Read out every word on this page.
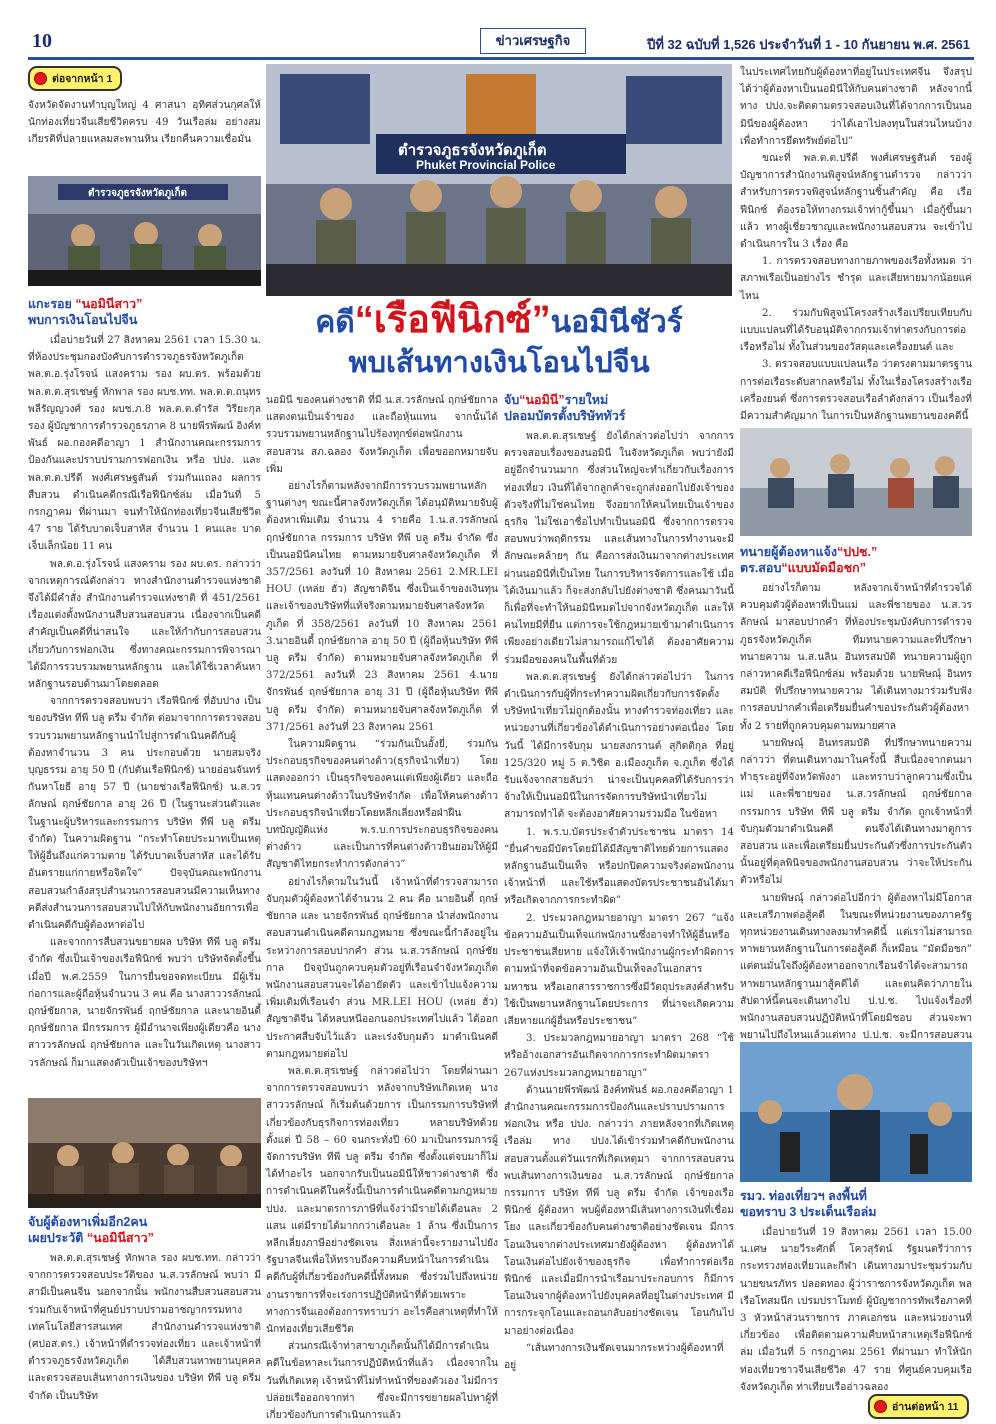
10	ข่าวเศรษฐกิจ	ปีที่ 32 ฉบับที่ 1,526 ประจำวันที่ 1 - 10 กันยายน พ.ศ. 2561
ต่อจากหน้า 1
จังหวัดจัดงานทำบุญใหญ่ 4 ศาสนา อุทิศส่วนกุศลให้ นักท่องเที่ยวจีนเสียชีวิตครบ 49 วันเรือล่ม อย่างสมเกียรติที่ปลายแหลมสะพานหิน เรียกคืนความเชื่อมั่น
ตำรวจภูธรจังหวัดภูเก็ต
แกะรอย “นอมินีสาว”
พบการเงินโอนไปจีน

เมื่อบ่ายวันที่ 27 สิงหาคม 2561 เวลา 15.30 น. ที่ห้องประชุมกองบังคับการตำรวจภูธรจังหวัดภูเก็ต พล.ต.อ.รุ่งโรจน์ แสงคราม รอง ผบ.ตร. พร้อมด้วย พล.ต.ต.สุรเชษฐ์ หักพาล รอง ผบช.ทท. พล.ต.ต.ถนุทร พลีรัญญวงศ์ รอง ผบช.ภ.8 พล.ต.ต.ดำรัส วิรียะกุล รอง ผู้บัญชาการตำรวจภูธรภาค 8 นายพีรพัฒน์ อิงค์ทพันธ์ ผอ.กองคดีอาญา 1 สำนักงานคณะกรรมการป้องกันและปราบปรามการฟอกเงิน หรือ ปปง. และ พล.ต.ต.ปรีดี พงศ์เศรษฐสันต์ ร่วมกันแถลง ผลการสืบสวน ดำเนินคดีกรณีเรือฟีนิกซ์ล่ม เมื่อวันที่ 5 กรกฎาคม ที่ผ่านมา จนทำให้นักท่องเที่ยวจีนเสียชีวิต 47 ราย ได้รับบาดเจ็บสาหัส จำนวน 1 คนและ บาดเจ็บเล็กน้อย 11 คน

พล.ต.อ.รุ่งโรจน์ แสงคราม รอง ผบ.ตร. กล่าวว่า จากเหตุการณ์ดังกล่าว ทางสำนักงานตำรวจแห่งชาติจึงได้มีคำสั่ง สำนักงานตำรวจแห่งชาติ ที่ 451/2561 เรื่องแต่งตั้งพนักงานสืบสวนสอบสวน เนื่องจากเป็นคดีสำคัญเป็นคดีที่น่าสนใจ และให้กำกับการสอบสวนเกี่ยวกับการฟอกเงิน ซึ่งทางคณะกรรมการพิจารณา ได้มีการรวบรวมพยานหลักฐาน และได้ใช้เวลาค้นหาหลักฐานรอบด้านมาโดยตลอด

จากการตรวจสอบพบว่า เรือฟีนิกซ์ ที่อับปาง เป็นของบริษัท ทีพี บลู ดรีม จำกัด ต่อมาจากการตรวจสอบรวบรวมพยานหลักฐานนำไปสู่การดำเนินคดีกับผู้ต้องหาจำนวน 3 คน ประกอบด้วย นายสมจริง บุญธรรม อายุ 50 ปี (กัปตันเรือฟีนิกซ์) นายอ่อนจันทร์ กันหาโยธี อายุ 57 ปี (นายช่างเรือฟีนิกซ์) น.ส.วรลักษณ์ ฤกษ์ชัยกาล อายุ 26 ปี (ในฐานะส่วนตัวและในฐานะผู้บริหารและกรรมการ บริษัท ทีพี บลู ดรีม จำกัด) ในความผิดฐาน “กระทำโดยประมาทเป็นเหตุให้ผู้อื่นถึงแก่ความตาย ได้รับบาดเจ็บสาหัส และได้รับอันตรายแก่กายหรือจิตใจ” ปัจจุบันคณะพนักงานสอบสวนกำลังสรุปสำนวนการสอบสวนมีความเห็นทางคดีส่งสำนวนการสอบสวนไปให้กับพนักงานอัยการเพื่อดำเนินคดีกับผู้ต้องหาต่อไป

และจากการสืบสวนขยายผล บริษัท ทีพี บลู ดรีม จำกัด ซึ่งเป็นเจ้าของเรือฟีนิกซ์ พบว่า บริษัทจัดตั้งขึ้นเมื่อปี พ.ศ.2559 ในการยื่นขอจดทะเบียน มีผู้เริ่มก่อการและผู้ถือหุ้นจำนวน 3 คน คือ นางสาววรลักษณ์ ฤกษ์ชัยกาล, นายจักรพันธ์ ฤกษ์ชัยกาล และนายอินดี้ ฤกษ์ชัยกาล มีกรรมการ ผู้มีอำนาจเพียงผู้เดียวคือ นางสาววรลักษณ์ ฤกษ์ชัยกาล และในวันเกิดเหตุ นางสาววรลักษณ์ ก็มาแสดงตัวเป็นเจ้าของบริษัทฯ

จับผู้ต้องหาเพิ่มอีก2คน
เผยประวัติ “นอมินีสาว”

พล.ต.ต.สุรเชษฐ์ หักพาล รอง ผบช.ทท. กล่าวว่า จากการตรวจสอบประวัติของ น.ส.วรลักษณ์ พบว่า มีสามีเป็นคนจีน นอกจากนั้น พนักงานสืบสวนสอบสวนร่วมกับเจ้าหน้าที่ศูนย์ปราบปรามอาชญากรรมทางเทคโนโลยีสารสนเทศ สำนักงานตำรวจแห่งชาติ (ศปอส.ตร.) เจ้าหน้าที่ตำรวจท่องเที่ยว และเจ้าหน้าที่ตำรวจภูธรจังหวัดภูเก็ต ได้สืบสวนหาพยานบุคคล และตรวจสอบเส้นทางการเงินของ บริษัท ทีพี บลู ดรีม จำกัด เป็นบริษัท

ตำรวจภูธรจังหวัดภูเก็ต
Phuket Provincial Police
คดี“เรือฟีนิกซ์”นอมินีชัวร์
พบเส้นทางเงินโอนไปจีน

นอมินี ของคนต่างชาติ ที่มี น.ส.วรลักษณ์ ฤกษ์ชัยกาล แสดงตนเป็นเจ้าของ และถือหุ้นแทน จากนั้นได้รวบรวมพยานหลักฐานไปร้องทุกข์ต่อพนักงานสอบสวน สภ.ฉลอง จังหวัดภูเก็ต เพื่อขออกหมายจับเพิ่ม

อย่างไรก็ตามหลังจากมีการรวบรวมพยานหลักฐานต่างๆ ขณะนี้ศาลจังหวัดภูเก็ต ได้อนุมัติหมายจับผู้ต้องหาเพิ่มเติม จำนวน 4 รายคือ 1.น.ส.วรลักษณ์ ฤกษ์ชัยกาล กรรมการ บริษัท ทีพี บลู ดรีม จำกัด ซึ่งเป็นนอมินีคนไทย ตามหมายจับศาลจังหวัดภูเก็ต ที่ 357/2561 ลงวันที่ 10 สิงหาคม 2561 2.MR.LEI HOU (เหล่ย ฮั่ว) สัญชาติจีน ซึ่งเป็นเจ้าของเงินทุนและเจ้าของบริษัทที่แท้จริงตามหมายจับศาลจังหวัดภูเก็ต ที่ 358/2561 ลงวันที่ 10 สิงหาคม 2561 3.นายอินดี้ ฤกษ์ชัยกาล อายุ 50 ปี (ผู้ถือหุ้นบริษัท ทีพี บลู ดรีม จำกัด) ตามหมายจับศาลจังหวัดภูเก็ต ที่ 372/2561 ลงวันที่ 23 สิงหาคม 2561 4.นายจักรพันธ์ ฤกษ์ชัยกาล อายุ 31 ปี (ผู้ถือหุ้นบริษัท ทีพี บลู ดรีม จำกัด) ตามหมายจับศาลจังหวัดภูเก็ต ที่ 371/2561 ลงวันที่ 23 สิงหาคม 2561

ในความผิดฐาน “ร่วมกันเป็นอั้งยี่, ร่วมกันประกอบธุรกิจของคนต่างด้าว(ธุรกิจนำเที่ยว) โดยแสดงออกว่า เป็นธุรกิจของคนแต่เพียงผู้เดียว และถือหุ้นแทนคนต่างด้าวในบริษัทจำกัด เพื่อให้คนต่างด้าว ประกอบธุรกิจนำเที่ยวโดยหลีกเลี่ยงหรือฝ่าฝืนบทบัญญัติแห่ง พ.ร.บ.การประกอบธุรกิจของคนต่างด้าว และเป็นการที่คนต่างด้าวยินยอมให้ผู้มีสัญชาติไทยกระทำการดังกล่าว”

อย่างไรก็ตามในวันนี้ เจ้าหน้าที่ตำรวจสามารถจับกุมตัวผู้ต้องหาได้จำนวน 2 คน คือ นายอินดี้ ฤกษ์ชัยกาล และ นายจักรพันธ์ ฤกษ์ชัยกาล นำส่งพนักงานสอบสวนดำเนินคดีตามกฎหมาย ซึ่งขณะนี้กำลังอยู่ในระหว่างการสอบปากคำ ส่วน น.ส.วรลักษณ์ ฤกษ์ชัยกาล ปัจจุบันถูกควบคุมตัวอยู่ที่เรือนจำจังหวัดภูเก็ต พนักงานสอบสวนจะได้อายัดตัว และเข้าไปแจ้งความเพิ่มเติมที่เรือนจำ ส่วน MR.LEI HOU (เหล่ย ฮั่ว) สัญชาติจีน ได้หลบหนีออกนอกประเทศไปแล้ว ได้ออกประกาศสืบจับไว้แล้ว และเร่งจับกุมตัว มาดำเนินคดีตามกฎหมายต่อไป

พล.ต.ต.สุรเชษฐ์ กล่าวต่อไปว่า โดยที่ผ่านมาจากการตรวจสอบพบว่า หลังจากบริษัทเกิดเหตุ นางสาววรลักษณ์ ก็เริ่มต้นด้วยการ เป็นกรรมการบริษัทที่เกี่ยวข้องกับธุรกิจการท่องเที่ยว หลายบริษัทด้วย ตั้งแต่ ปี 58 – 60 จนกระทั่งปี 60 มาเป็นกรรมการผู้จัดการบริษัท ทีพี บลู ดรีม จำกัด ซึ่งตั้งแต่จบมาก็ไม่ได้ทำอะไร นอกจากรับเป็นนอมินีให้ชาวต่างชาติ ซึ่งการดำเนินคดีในครั้งนี้เป็นการดำเนินคดีตามกฎหมาย ปปง. และมาตรการภาษีที่แจ้งว่ามีรายได้เดือนละ 2 แสน แต่มีรายได้มากกว่าเดือนละ 1 ล้าน ซึ่งเป็นการหลีกเลี่ยงภาษีอย่างชัดเจน สิ่งเหล่านี้จะรายงานไปยังรัฐบาลจีนเพื่อให้ทราบถึงความคืบหน้าในการดำเนินคดีกับผู้ที่เกี่ยวข้องกับคดีนี้ทั้งหมด ซึ่งร่วมไปถึงหน่วยงานราชการที่จะเร่งการปฏิบัติหน้าที่ด้วยเพราะทางการจีนเองต้องการทราบว่า อะไรคือสาเหตุที่ทำให้นักท่องเที่ยวเสียชีวิต

ส่วนกรณีเจ้าท่าสาขาภูเก็ตนั้นก็ได้มีการดำเนินคดีในข้อหาละเว้นการปฏิบัติหน้าที่แล้ว เนื่องจากในวันที่เกิดเหตุ เจ้าหน้าที่ไม่ทำหน้าที่ของตัวเอง ไม่มีการปล่อยเรือออกจากท่า ซึ่งจะมีการขยายผลไปหาผู้ที่เกี่ยวข้องกับการดำเนินการแล้ว

จับ“นอมินี”รายใหม่
ปลอมบัตรตั้งบริษัททัวร์

พล.ต.ต.สุรเชษฐ์ ยังได้กล่าวต่อไปว่า จากการตรวจสอบเรื่องของนอมินี ในจังหวัดภูเก็ต พบว่ายังมีอยู่อีกจำนวนมาก ซึ่งส่วนใหญ่จะทำเกี่ยวกับเรื่องการท่องเที่ยว เงินที่ได้จากลูกค้าจะถูกส่งออกไปยังเจ้าของตัวจริงที่ไม่ใช่คนไทย จึงอยากให้คนไทยเป็นเจ้าของธุรกิจ ไม่ใช่เอาชื่อไปทำเป็นนอมินี ซึ่งจากการตรวจสอบพบว่าพฤติกรรม และเส้นทางในการทำงานจะมีลักษณะคล้ายๆ กัน คือการส่งเงินมาจากต่างประเทศ ผ่านนอมินีที่เป็นไทย ในการบริหารจัดการและใช้ เมื่อได้เงินมาแล้ว ก็จะส่งกลับไปยังต่างชาติ ซึ่งคนมาวันนี้ก็เพื่อที่จะทำให้นอมินีหมดไปจากจังหวัดภูเก็ต และให้คนไทยมีที่ยืน แต่การจะใช้กฎหมายเข้ามาดำเนินการเพียงอย่างเดียวไม่สามารถแก้ไขได้ ต้องอาศัยความร่วมมือของคนในพื้นที่ด้วย

พล.ต.ต.สุรเชษฐ์ ยังได้กล่าวต่อไปว่า ในการดำเนินการกับผู้ที่กระทำความผิดเกี่ยวกับการจัดตั้งบริษัทนำเที่ยวไม่ถูกต้องนั้น ทางตำรวจท่องเที่ยว และหน่วยงานที่เกี่ยวข้องได้ดำเนินการอย่างต่อเนื่อง โดยวันนี้ ได้มีการจับกุม นายสงกรานต์ สุกิตติกุล ที่อยู่ 125/320 หมู่ 5 ต.วิชิต อ.เมืองภูเก็ต จ.ภูเก็ต ซึ่งได้รับแจ้งจากสายลับว่า น่าจะเป็นบุคคลที่ได้รับการว่าจ้างให้เป็นนอมินีในการจัดการบริษัทนำเที่ยวไม่สามารถทำได้ จะต้องอาศัยความร่วมมือ ในข้อหา

1. พ.ร.บ.บัตรประจำตัวประชาชน มาตรา 14 “ยื่นคำขอมีบัตรโดยมิได้มีสัญชาติไทยด้วยการแสดงหลักฐานอันเป็นเท็จ หรือปกปิดความจริงต่อพนักงานเจ้าหน้าที่ และใช้หรือแสดงบัตรประชาชนอันได้มาหรือเกิดจากการกระทำผิด”

2. ประมวลกฎหมายอาญา มาตรา 267 “แจ้งข้อความอันเป็นเท็จแก่พนักงานซึ่งอาจทำให้ผู้อื่นหรือประชาชนเสียหาย แจ้งให้เจ้าพนักงานผู้กระทำผิดการตามหน้าที่จดข้อความอันเป็นเท็จลงในเอกสารมหาชน หรือเอกสารราชการซึ่งมีวัตถุประสงค์สำหรับใช้เป็นพยานหลักฐานโดยประการ ที่น่าจะเกิดความเสียหายแก่ผู้อื่นหรือประชาชน”

3. ประมวลกฎหมายอาญา มาตรา 268 “ใช้หรืออ้างเอกสารอันเกิดจากการกระทำผิดมาตรา 267แห่งประมวลกฎหมายอาญา”

ด้านนายพีรพัฒน์ อิงค์ทพันธ์ ผอ.กองคดีอาญา 1 สำนักงานคณะกรรมการป้องกันและปราบปรามการฟอกเงิน หรือ ปปง. กล่าวว่า ภายหลังจากที่เกิดเหตุเรือล่ม ทาง ปปง.ได้เข้าร่วมทำคดีกับพนักงานสอบสวนตั้งแต่วันแรกที่เกิดเหตุมา จากการสอบสวนพบเส้นทางการเงินของ น.ส.วรลักษณ์ ฤกษ์ชัยกาล กรรมการ บริษัท ทีพี บลู ดรีม จำกัด เจ้าของเรือฟีนิกซ์ ผู้ต้องหา พบผู้ต้องหามีเส้นทางการเงินที่เชื่อมโยง และเกี่ยวข้องกับคนต่างชาติอย่างชัดเจน มีการโอนเงินจากต่างประเทศมายังผู้ต้องหา ผู้ต้องหาได้โอนเงินต่อไปยังเจ้าของธุรกิจ เพื่อทำการต่อเรือฟีนิกซ์ และเมื่อมีการนำเรือมาประกอบการ ก็มีการโอนเงินจากผู้ต้องหาไปยังบุคคลที่อยู่ในต่างประเทศ มีการกระจุกโอนและถอนกลับอย่างชัดเจน โอนกันไปมาอย่างต่อเนื่อง

“เส้นทางการเงินชัดเจนมากระหว่างผู้ต้องหาที่อยู่

ในประเทศไทยกับผู้ต้องหาที่อยู่ในประเทศจีน จึงสรุปได้ว่าผู้ต้องหาเป็นนอมินีให้กับคนต่างชาติ หลังจากนี้ ทาง ปปง.จะติดตามตรวจสอบเงินที่ได้จากการเป็นนอมินีของผู้ต้องหา ว่าได้เอาไปลงทุนในส่วนไหนบ้าง เพื่อทำการยึดทรัพย์ต่อไป”

ขณะที่ พล.ต.ต.ปรีดี พงศ์เศรษฐสันต์ รองผู้บัญชาการสำนักงานพิสูจน์หลักฐานตำรวจ กล่าวว่า สำหรับการตรวจพิสูจน์หลักฐานชิ้นสำคัญ คือ เรือฟีนิกซ์ ต้องรอให้ทางกรมเจ้าท่ากู้ขึ้นมา เมื่อกู้ขึ้นมาแล้ว ทางผู้เชี่ยวชาญและพนักงานสอบสวน จะเข้าไปดำเนินการใน 3 เรื่อง คือ

1. การตรวจสอบทางกายภาพของเรือทั้งหมด ว่าสภาพเรือเป็นอย่างไร ชำรุด และเสียหายมากน้อยแค่ไหน

2. ร่วมกับพิสูจน์โครงสร้างเรือเปรียบเทียบกับแบบแปลนที่ได้รับอนุมัติจากกรมเจ้าท่าตรงกับการต่อเรือหรือไม่ ทั้งในส่วนของวัสดุและเครื่องยนต์ และ

3. ตรวจสอบแบบแปลนเรือ ว่าตรงตามมาตรฐานการต่อเรือระดับสากลหรือไม่ ทั้งในเรื่องโครงสร้างเรือ เครื่องยนต์ ซึ่งการตรวจสอบเรือลำดังกล่าว เป็นเรื่องที่มีความสำคัญมาก ในการเป็นหลักฐานพยานของคดีนี้

ทนายผู้ต้องหาแจ้ง“ปปช.”
ตร.สอบ“แบบมัดมือชก”

อย่างไรก็ตาม หลังจากเจ้าหน้าที่ตำรวจได้ควบคุมตัวผู้ต้องหาที่เป็นแม่ และพี่ชายของ น.ส.วรลักษณ์ มาสอบปากคำ ที่ห้องประชุมบังคับการตำรวจภูธรจังหวัดภูเก็ต ทีมทนายความและที่ปรึกษาทนายความ น.ส.นลิน อินทรสมบัติ ทนายความผู้ถูกกล่าวหาคดีเรือฟีนิกซ์ล่ม พร้อมด้วย นายพิษณุ์ อินทรสมบัติ ที่ปรึกษาทนายความ ได้เดินทางมาร่วมรับฟังการสอบปากคำเพื่อเตรียมยื่นคำขอประกันตัวผู้ต้องหาทั้ง 2 รายที่ถูกควบคุมตามหมายศาล

นายพิษณุ์ อินทรสมบัติ ที่ปรึกษาทนายความ กล่าวว่า ที่ตนเดินทางมาในครั้งนี้ สืบเนื่องจากตนมาทำธุระอยู่ที่จังหวัดพังงา และทราบว่าลูกความซึ่งเป็นแม่ และพี่ชายของ น.ส.วรลักษณ์ ฤกษ์ชัยกาล กรรมการ บริษัท ทีพี บลู ดรีม จำกัด ถูกเจ้าหน้าที่จับกุมตัวมาดำเนินคดี ตนจึงได้เดินทางมาดูการสอบสวน และเพื่อเตรียมยื่นประกันตัวซึ่งการประกันตัวนั้นอยู่ที่ดุลพินิจของพนักงานสอบสวน ว่าจะให้ประกันตัวหรือไม่

นายพิษณุ์ กล่าวต่อไปอีกว่า ผู้ต้องหาไม่มีโอกาสและเสรีภาพต่อสู้คดี ในขณะที่หน่วยงานของภาครัฐทุกหน่วยงานเดินทางลงมาทำคดีนี้ แต่เราไม่สามารถหาพยานหลักฐานในการต่อสู้คดี ก็เหมือน “มัดมือชก” แต่ตนมั่นใจถึงผู้ต้องหาออกจากเรือนจำได้จะสามารถหาพยานหลักฐานมาสู้คดีได้ และตนคิดว่าภายในสัปดาห์นี้ตนจะเดินทางไป ป.ป.ช. ไปแจ้งเรื่องที่พนักงานสอบสวนปฏิบัติหน้าที่โดยมิชอบ ส่วนจะพาพยานไปถึงไหนแล้วแต่ทาง ป.ป.ช. จะมีการสอบสวน

รมว. ท่องเที่ยวฯ ลงพื้นที่
ขอทราบ 3 ประเด็นเรือล่ม

เมื่อบ่ายวันที่ 19 สิงหาคม 2561 เวลา 15.00 น.เศษ นายวีระศักดิ์ โควสุรัตน์ รัฐมนตรีว่าการกระทรวงท่องเที่ยวและกีฬา เดินทางมาประชุมร่วมกับ นายขนรภัทร ปลอดทอง ผู้ว่าราชการจังหวัดภูเก็ต พลเรือโทสมนึก เปรมปราโมทย์ ผู้บัญชาการทัพเรือภาคที่ 3 หัวหน้าส่วนราชการ ภาคเอกชน และหน่วยงานที่เกี่ยวข้อง เพื่อติดตามความคืบหน้าสาเหตุเรือฟีนิกซ์ล่ม เมื่อวันที่ 5 กรกฎาคม 2561 ที่ผ่านมา ทำให้นักท่องเที่ยวชาวจีนเสียชีวิต 47 ราย ที่ศูนย์ควบคุมเรือจังหวัดภูเก็ต ท่าเทียบเรืออ่าวฉลอง

อ่านต่อหน้า 11
